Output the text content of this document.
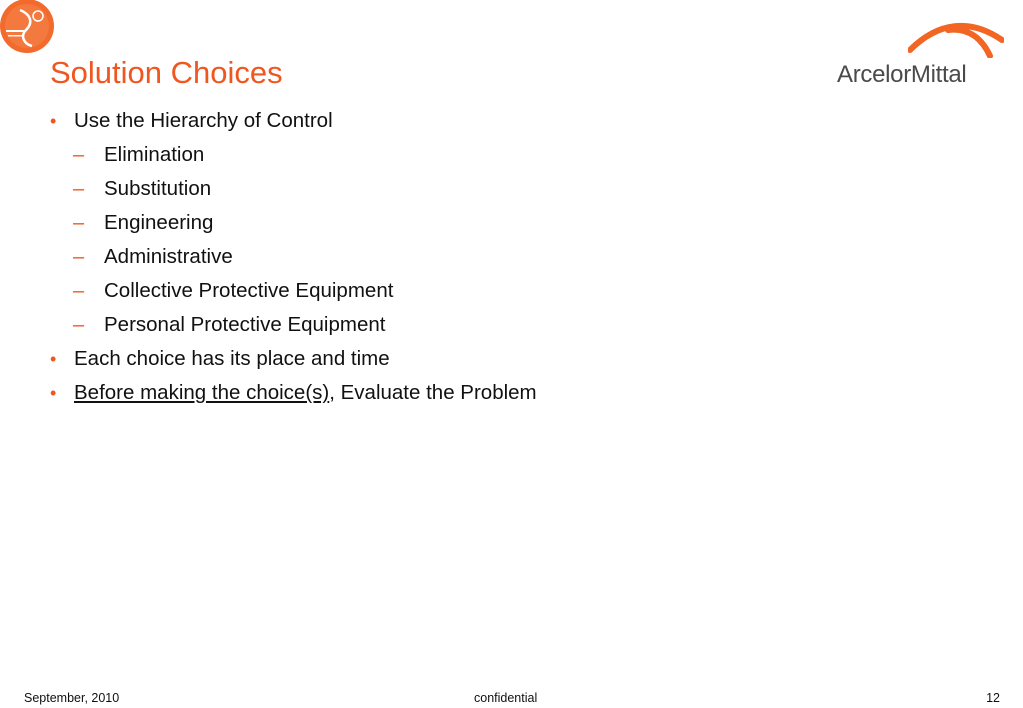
Solution Choices	ArcelorMittal
• Use the Hierarchy of Control
– Elimination
– Substitution
– Engineering
– Administrative
– Collective Protective Equipment
– Personal Protective Equipment
• Each choice has its place and time
• Before making the choice(s), Evaluate the Problem
September, 2010	confidential	12
